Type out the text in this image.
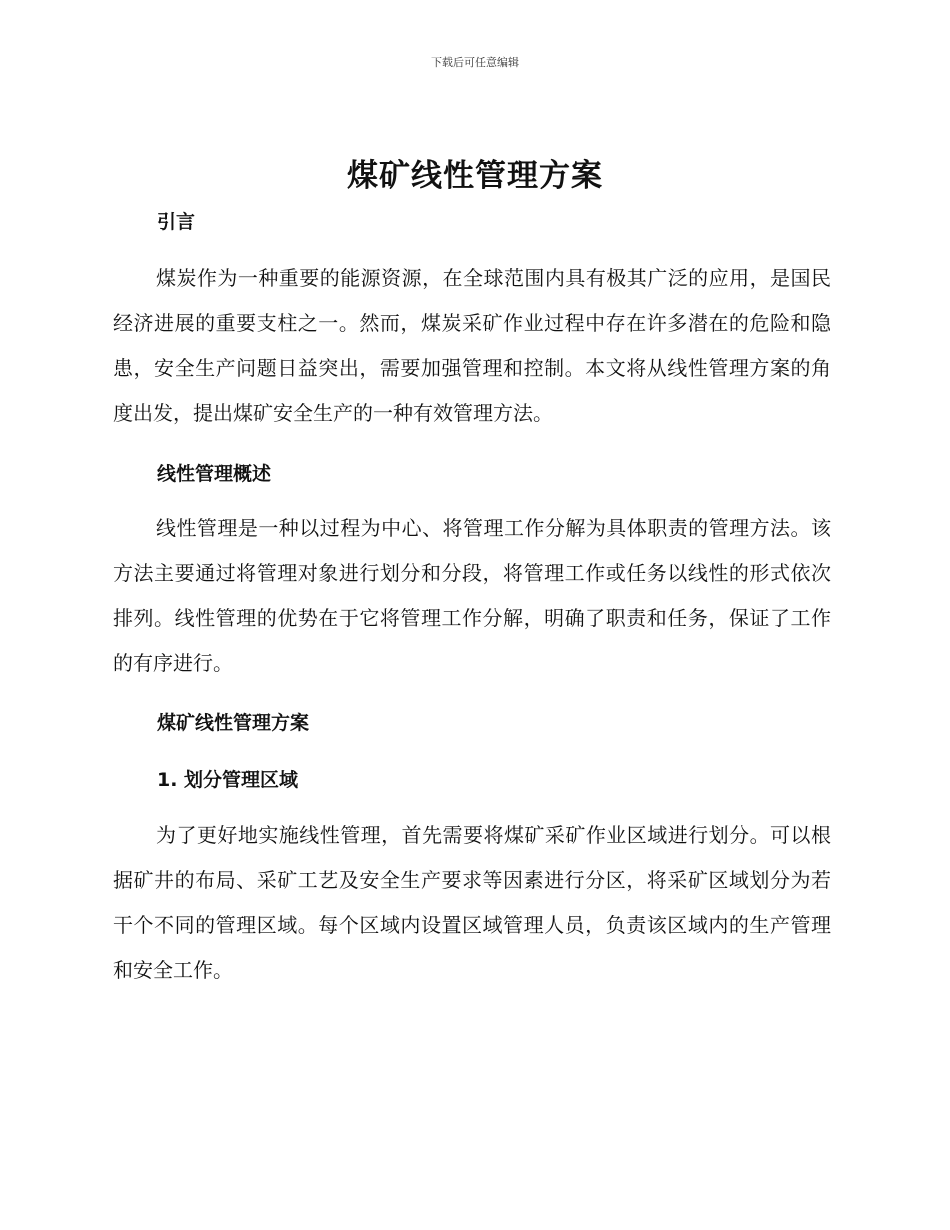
下载后可任意编辑
煤矿线性管理方案
引言

煤炭作为一种重要的能源资源，在全球范围内具有极其广泛的应用，是国民经济进展的重要支柱之一。然而，煤炭采矿作业过程中存在许多潜在的危险和隐患，安全生产问题日益突出，需要加强管理和控制。本文将从线性管理方案的角度出发，提出煤矿安全生产的一种有效管理方法。

线性管理概述

线性管理是一种以过程为中心、将管理工作分解为具体职责的管理方法。该方法主要通过将管理对象进行划分和分段，将管理工作或任务以线性的形式依次排列。线性管理的优势在于它将管理工作分解，明确了职责和任务，保证了工作的有序进行。

煤矿线性管理方案
1. 划分管理区域

为了更好地实施线性管理，首先需要将煤矿采矿作业区域进行划分。可以根据矿井的布局、采矿工艺及安全生产要求等因素进行分区，将采矿区域划分为若干个不同的管理区域。每个区域内设置区域管理人员，负责该区域内的生产管理和安全工作。
